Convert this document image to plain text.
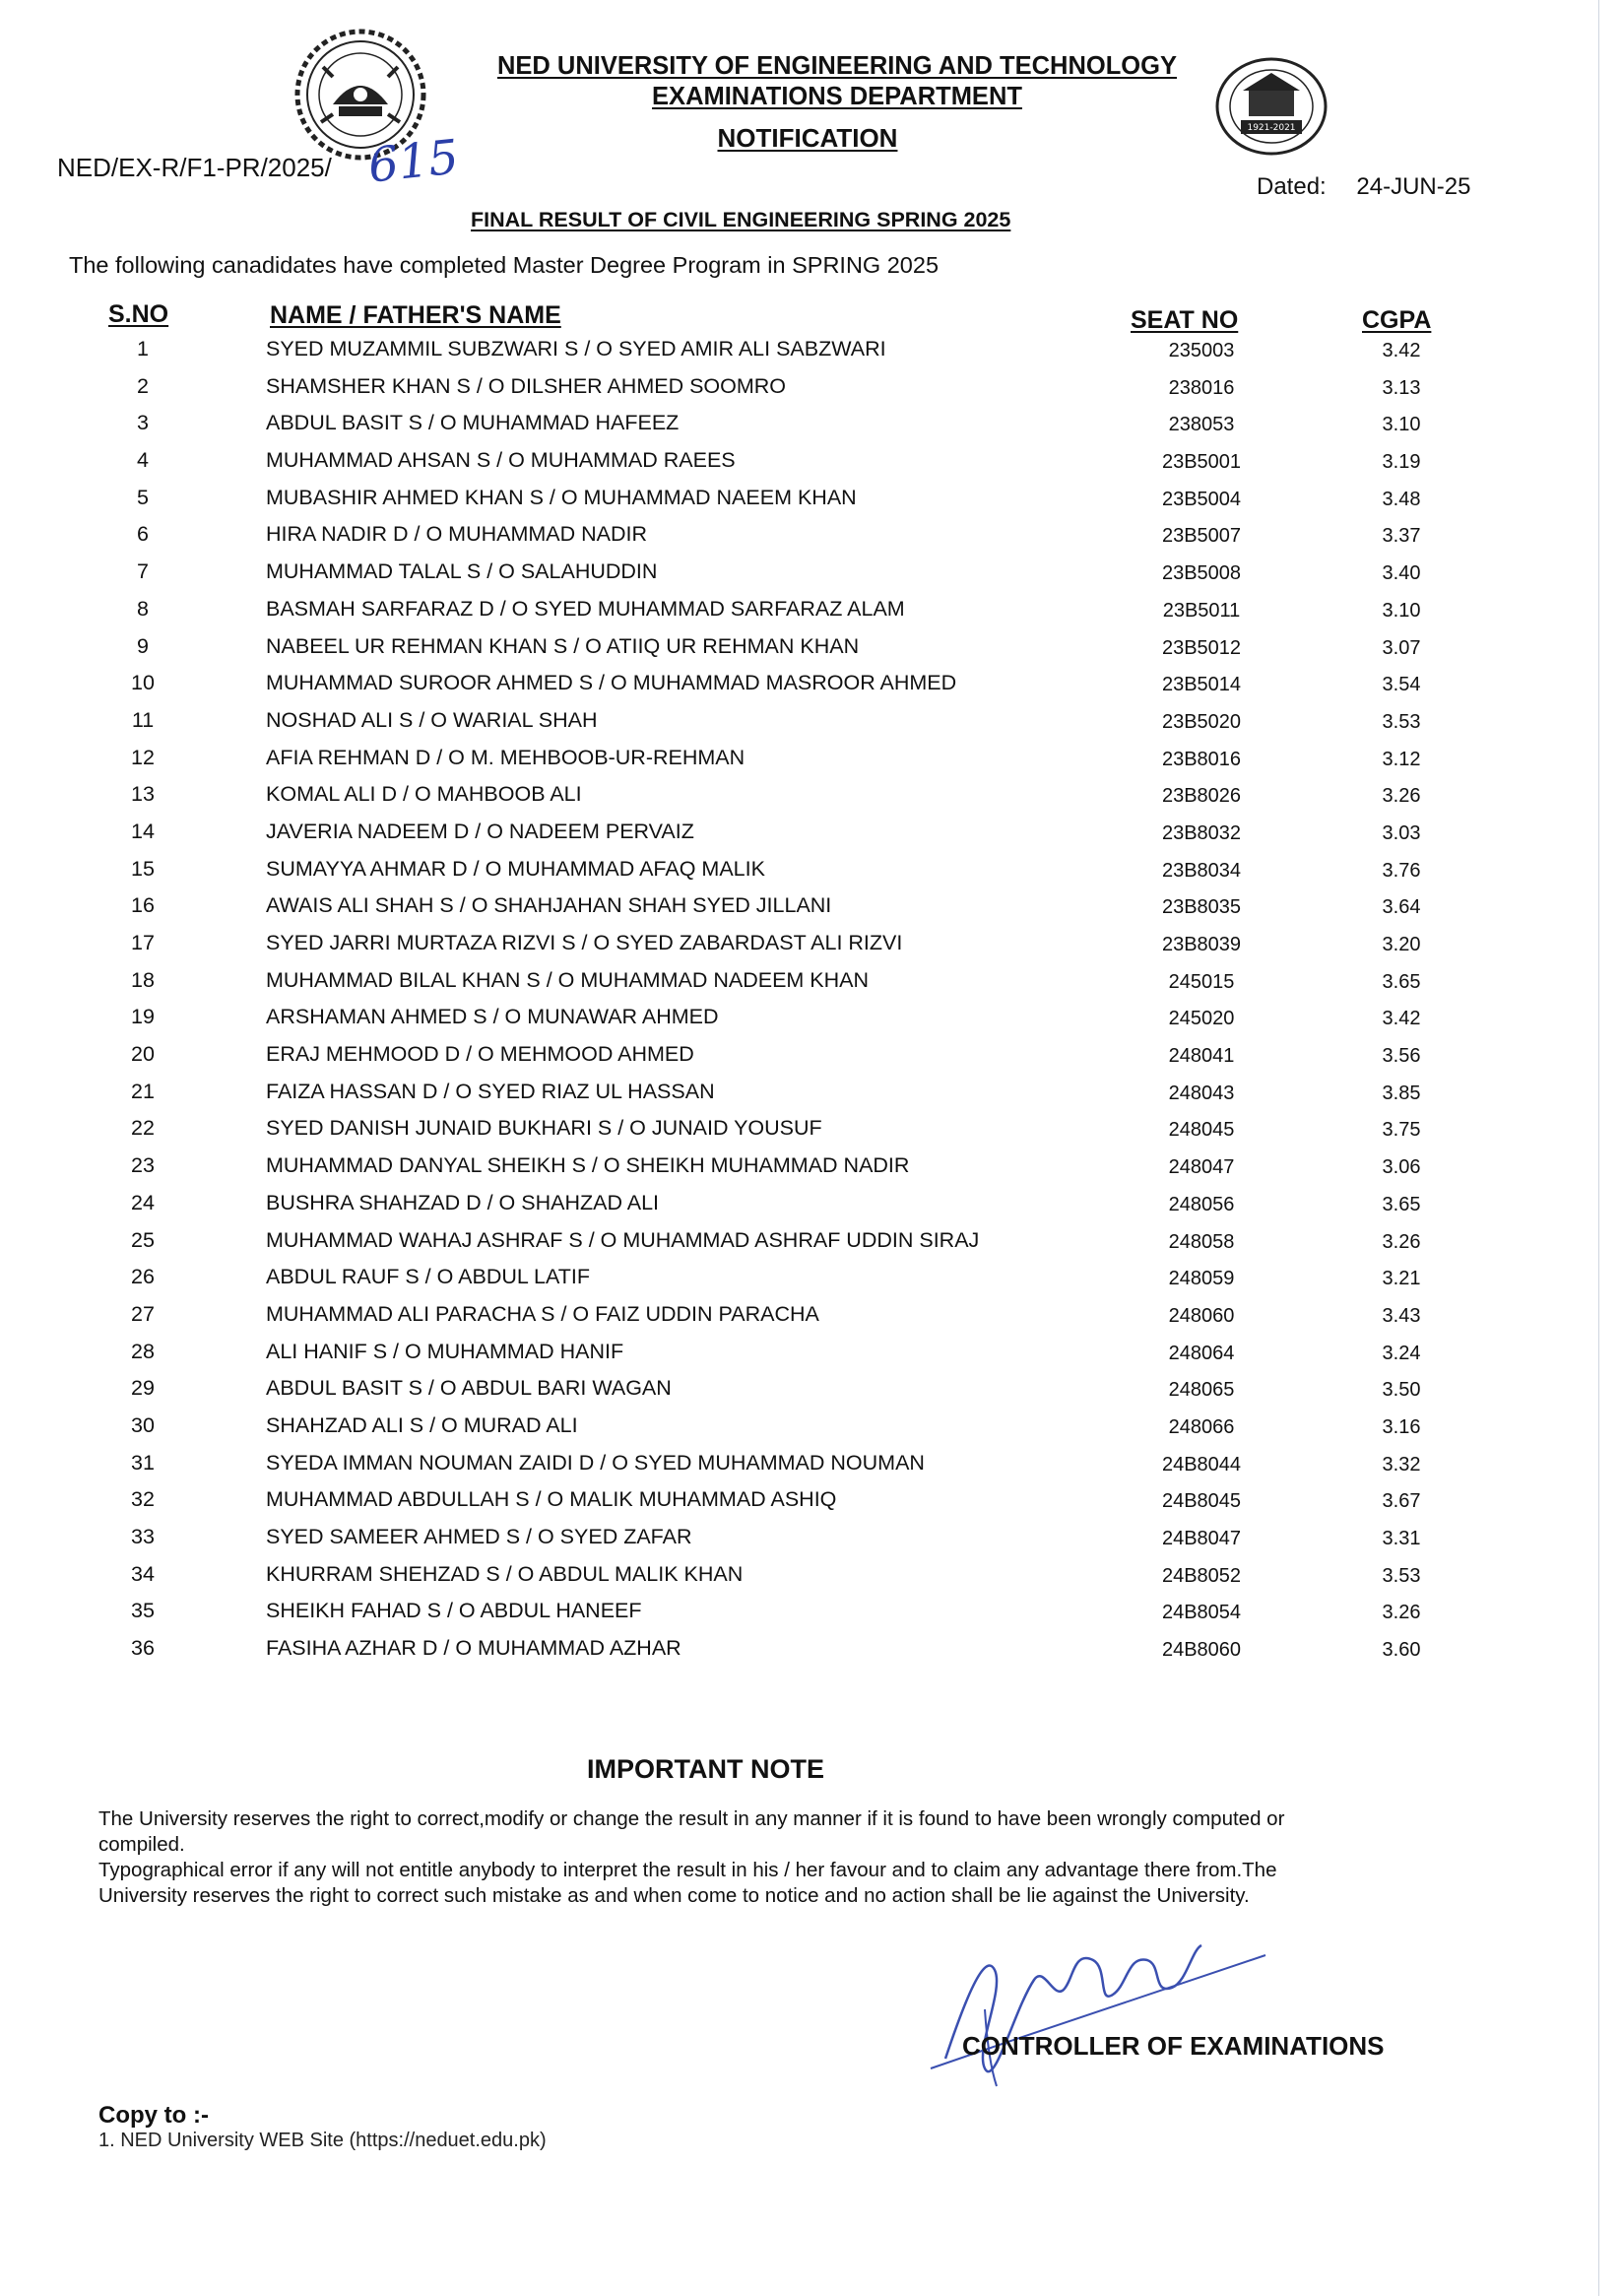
1921-2021
NED UNIVERSITY OF ENGINEERING AND TECHNOLOGY
EXAMINATIONS DEPARTMENT
NOTIFICATION
NED/EX-R/F1-PR/2025/ 615	Dated: 24-JUN-25
FINAL RESULT OF CIVIL ENGINEERING SPRING 2025
The following canadidates have completed Master Degree Program in SPRING 2025
S.NO	NAME / FATHER'S NAME	SEAT NO	CGPA
1	SYED MUZAMMIL SUBZWARI S / O SYED AMIR ALI SABZWARI	235003	3.42
2	SHAMSHER KHAN S / O DILSHER AHMED SOOMRO	238016	3.13
3	ABDUL BASIT S / O MUHAMMAD HAFEEZ	238053	3.10
4	MUHAMMAD AHSAN S / O MUHAMMAD RAEES	23B5001	3.19
5	MUBASHIR AHMED KHAN S / O MUHAMMAD NAEEM KHAN	23B5004	3.48
6	HIRA NADIR D / O MUHAMMAD NADIR	23B5007	3.37
7	MUHAMMAD TALAL S / O SALAHUDDIN	23B5008	3.40
8	BASMAH SARFARAZ D / O SYED MUHAMMAD SARFARAZ ALAM	23B5011	3.10
9	NABEEL UR REHMAN KHAN S / O ATIIQ UR REHMAN KHAN	23B5012	3.07
10	MUHAMMAD SUROOR AHMED S / O MUHAMMAD MASROOR AHMED	23B5014	3.54
11	NOSHAD ALI S / O WARIAL SHAH	23B5020	3.53
12	AFIA REHMAN D / O M. MEHBOOB-UR-REHMAN	23B8016	3.12
13	KOMAL ALI D / O MAHBOOB ALI	23B8026	3.26
14	JAVERIA NADEEM D / O NADEEM PERVAIZ	23B8032	3.03
15	SUMAYYA AHMAR D / O MUHAMMAD AFAQ MALIK	23B8034	3.76
16	AWAIS ALI SHAH S / O SHAHJAHAN SHAH SYED JILLANI	23B8035	3.64
17	SYED JARRI MURTAZA RIZVI S / O SYED ZABARDAST ALI RIZVI	23B8039	3.20
18	MUHAMMAD BILAL KHAN S / O MUHAMMAD NADEEM KHAN	245015	3.65
19	ARSHAMAN AHMED S / O MUNAWAR AHMED	245020	3.42
20	ERAJ MEHMOOD D / O MEHMOOD AHMED	248041	3.56
21	FAIZA HASSAN D / O SYED RIAZ UL HASSAN	248043	3.85
22	SYED DANISH JUNAID BUKHARI S / O JUNAID YOUSUF	248045	3.75
23	MUHAMMAD DANYAL SHEIKH S / O SHEIKH MUHAMMAD NADIR	248047	3.06
24	BUSHRA SHAHZAD D / O SHAHZAD ALI	248056	3.65
25	MUHAMMAD WAHAJ ASHRAF S / O MUHAMMAD ASHRAF UDDIN SIRAJ	248058	3.26
26	ABDUL RAUF S / O ABDUL LATIF	248059	3.21
27	MUHAMMAD ALI PARACHA S / O FAIZ UDDIN PARACHA	248060	3.43
28	ALI HANIF S / O MUHAMMAD HANIF	248064	3.24
29	ABDUL BASIT S / O ABDUL BARI WAGAN	248065	3.50
30	SHAHZAD ALI S / O MURAD ALI	248066	3.16
31	SYEDA IMMAN NOUMAN ZAIDI D / O SYED MUHAMMAD NOUMAN	24B8044	3.32
32	MUHAMMAD ABDULLAH S / O MALIK MUHAMMAD ASHIQ	24B8045	3.67
33	SYED SAMEER AHMED S / O SYED ZAFAR	24B8047	3.31
34	KHURRAM SHEHZAD S / O ABDUL MALIK KHAN	24B8052	3.53
35	SHEIKH FAHAD S / O ABDUL HANEEF	24B8054	3.26
36	FASIHA AZHAR D / O MUHAMMAD AZHAR	24B8060	3.60
IMPORTANT NOTE

The University reserves the right to correct,modify or change the result in any manner if it is found to have been wrongly computed or compiled.

Typographical error if any will not entitle anybody to interpret the result in his / her favour and to claim any advantage there from.The University reserves the right to correct such mistake as and when come to notice and no action shall be lie against the University.

CONTROLLER OF EXAMINATIONS
Copy to :-
1. NED University WEB Site (https://neduet.edu.pk)
